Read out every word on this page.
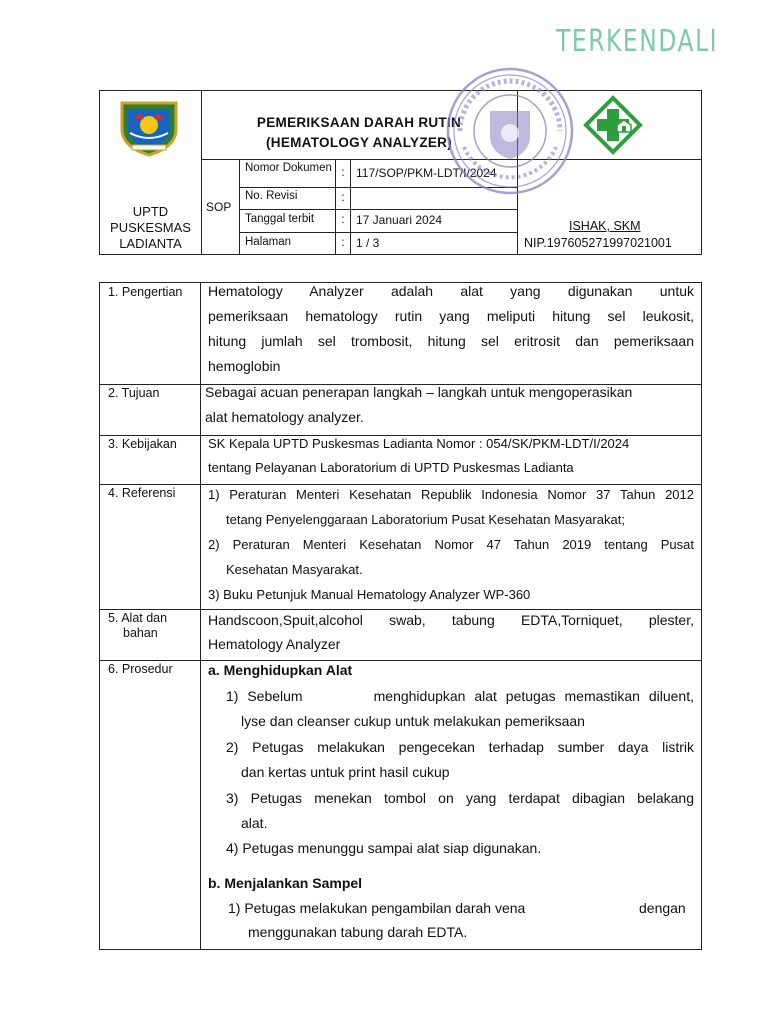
TERKENDALI
UPTD
PUSKESMAS
LADIANTA
PEMERIKSAAN DARAH RUTIN
(HEMATOLOGY ANALYZER)
SOP
Nomor Dokumen : 117/SOP/PKM-LDT/I/2024
No. Revisi	:
Tanggal terbit	: 17 Januari 2024
Halaman	: 1 / 3
ISHAK, SKM
NIP.197605271997021001
1. Pengertian	Hematology Analyzer adalah alat yang digunakan untuk
pemeriksaan hematology rutin yang meliputi hitung sel leukosit,
hitung jumlah sel trombosit, hitung sel eritrosit dan pemeriksaan
hemoglobin
2. Tujuan	Sebagai acuan penerapan langkah – langkah untuk mengoperasikan
alat hematology analyzer.
3. Kebijakan	SK Kepala UPTD Puskesmas Ladianta Nomor : 054/SK/PKM-LDT/I/2024
tentang Pelayanan Laboratorium di UPTD Puskesmas Ladianta
4. Referensi	1) Peraturan Menteri Kesehatan Republik Indonesia Nomor 37 Tahun 2012
tetang Penyelenggaraan Laboratorium Pusat Kesehatan Masyarakat;
2) Peraturan Menteri Kesehatan Nomor 47 Tahun 2019 tentang Pusat
Kesehatan Masyarakat.
3) Buku Petunjuk Manual Hematology Analyzer WP-360
5. Alat dan
bahan
Handscoon,Spuit,alcohol swab, tabung EDTA,Torniquet, plester,
Hematology Analyzer
6. Prosedur	a. Menghidupkan Alat
1) Sebelum        menghidupkan alat petugas memastikan diluent,
lyse dan cleanser cukup untuk melakukan pemeriksaan
2) Petugas melakukan pengecekan terhadap sumber daya listrik
dan kertas untuk print hasil cukup
3) Petugas menekan tombol on yang terdapat dibagian belakang
alat.
4) Petugas menunggu sampai alat siap digunakan.
b. Menjalankan Sampel
1) Petugas melakukan pengambilan darah vena	dengan
menggunakan tabung darah EDTA.
